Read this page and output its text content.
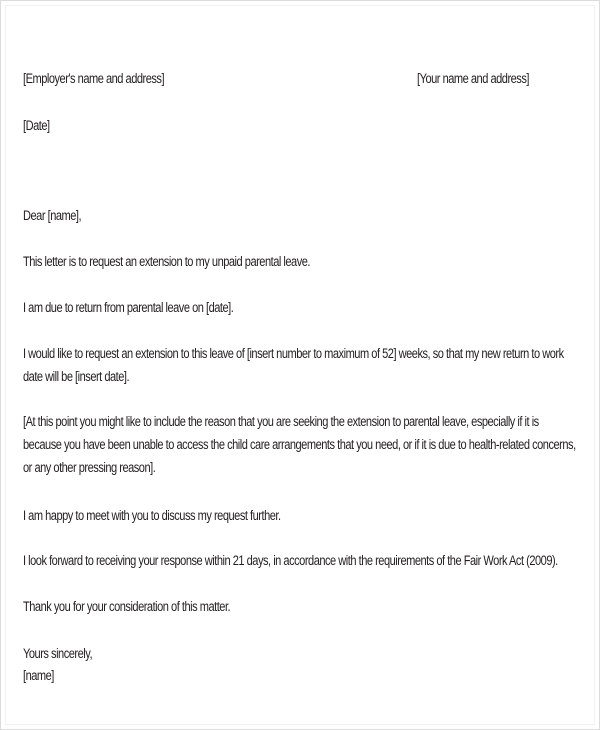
[Employer's name and address]	[Your name and address]
[Date]
Dear [name],
This letter is to request an extension to my unpaid parental leave.
I am due to return from parental leave on [date].
I would like to request an extension to this leave of [insert number to maximum of 52] weeks, so that my new return to work
date will be [insert date].
[At this point you might like to include the reason that you are seeking the extension to parental leave, especially if it is
because you have been unable to access the child care arrangements that you need, or if it is due to health-related concerns,
or any other pressing reason].
I am happy to meet with you to discuss my request further.
I look forward to receiving your response within 21 days, in accordance with the requirements of the Fair Work Act (2009).
Thank you for your consideration of this matter.
Yours sincerely,
[name]
